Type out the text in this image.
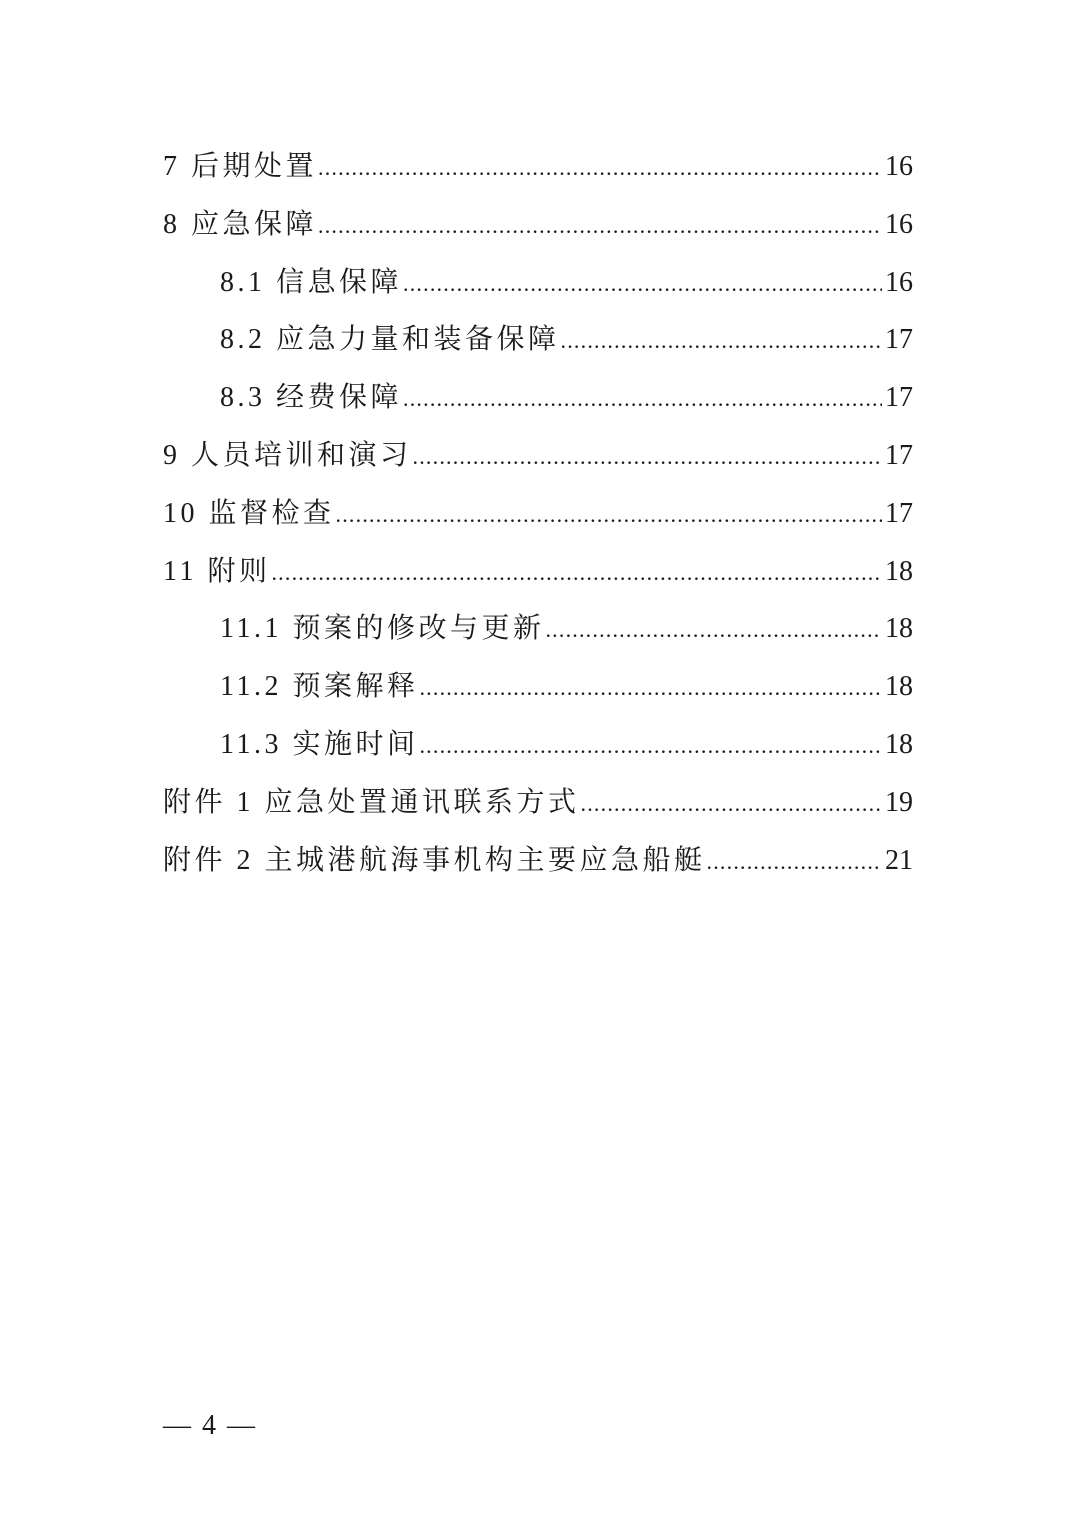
7 后期处置 .....	16
8 应急保障 .....	16
8.1 信息保障 .....	16
8.2 应急力量和装备保障 .....	17
8.3 经费保障 .....	17
9 人员培训和演习 .....	17
10 监督检查 .....	17
11 附则 .....	18
11.1 预案的修改与更新 .....	18
11.2 预案解释 .....	18
11.3 实施时间 .....	18
附件 1 应急处置通讯联系方式 .....	19
附件 2 主城港航海事机构主要应急船艇 .....	21
— 4 —
